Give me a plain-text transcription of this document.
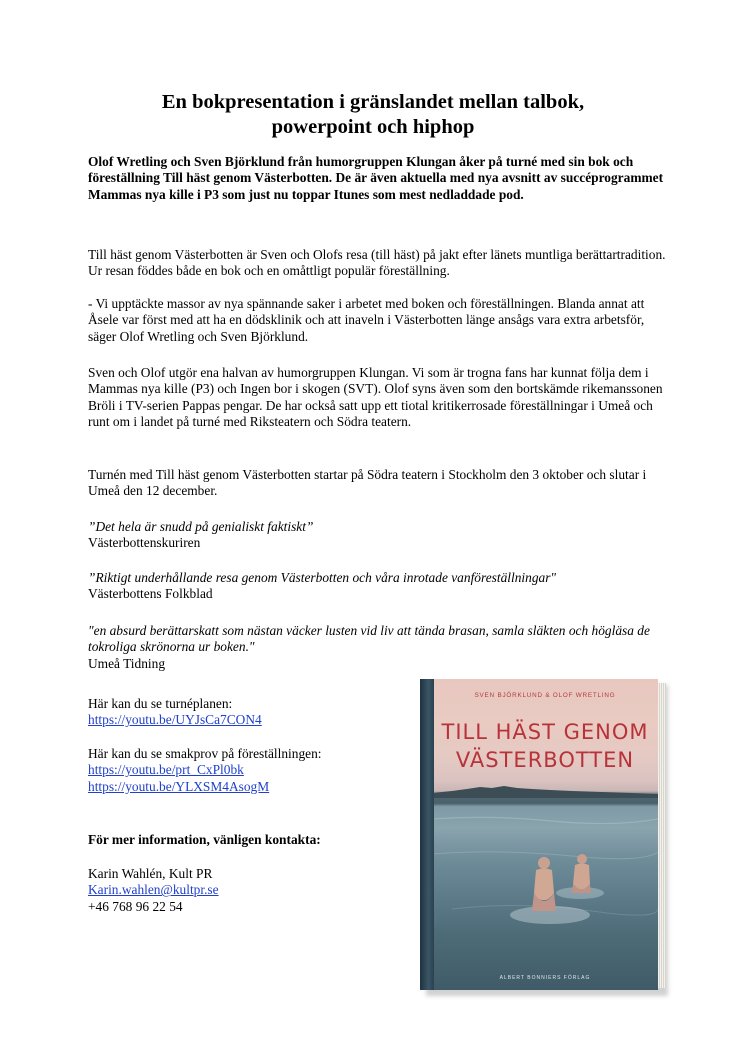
En bokpresentation i gränslandet mellan talbok,
powerpoint och hiphop

Olof Wretling och Sven Björklund från humorgruppen Klungan åker på turné med sin bok och föreställning Till häst genom Västerbotten. De är även aktuella med nya avsnitt av succéprogrammet Mammas nya kille i P3 som just nu toppar Itunes som mest nedladdade pod.

Till häst genom Västerbotten är Sven och Olofs resa (till häst) på jakt efter länets muntliga berättartradition. Ur resan föddes både en bok och en omåttligt populär föreställning.

- Vi upptäckte massor av nya spännande saker i arbetet med boken och föreställningen. Blanda annat att Åsele var först med att ha en dödsklinik och att inaveln i Västerbotten länge ansågs vara extra arbetsför, säger Olof Wretling och Sven Björklund.

Sven och Olof utgör ena halvan av humorgruppen Klungan. Vi som är trogna fans har kunnat följa dem i Mammas nya kille (P3) och Ingen bor i skogen (SVT). Olof syns även som den bortskämde rikemanssonen Bröli i TV-serien Pappas pengar. De har också satt upp ett tiotal kritikerrosade föreställningar i Umeå och runt om i landet på turné med Riksteatern och Södra teatern.

Turnén med Till häst genom Västerbotten startar på Södra teatern i Stockholm den 3 oktober och slutar i Umeå den 12 december.

”Det hela är snudd på genialiskt faktiskt”
Västerbottenskuriren
”Riktigt underhållande resa genom Västerbotten och våra inrotade vanföreställningar"
Västerbottens Folkblad
"en absurd berättarskatt som nästan väcker lusten vid liv att tända brasan, samla släkten och högläsa de tokroliga skrönorna ur boken."
Umeå Tidning
Här kan du se turnéplanen:
https://youtu.be/UYJsCa7CON4
Här kan du se smakprov på föreställningen:
https://youtu.be/prt_CxPl0bk
https://youtu.be/YLXSM4AsogM

För mer information, vänligen kontakta:

Karin Wahlén, Kult PR
Karin.wahlen@kultpr.se
+46 768 96 22 54
SVEN BJÖRKLUND & OLOF WRETLING
TILL HÄST GENOM
VÄSTERBOTTEN
ALBERT BONNIERS FÖRLAG
